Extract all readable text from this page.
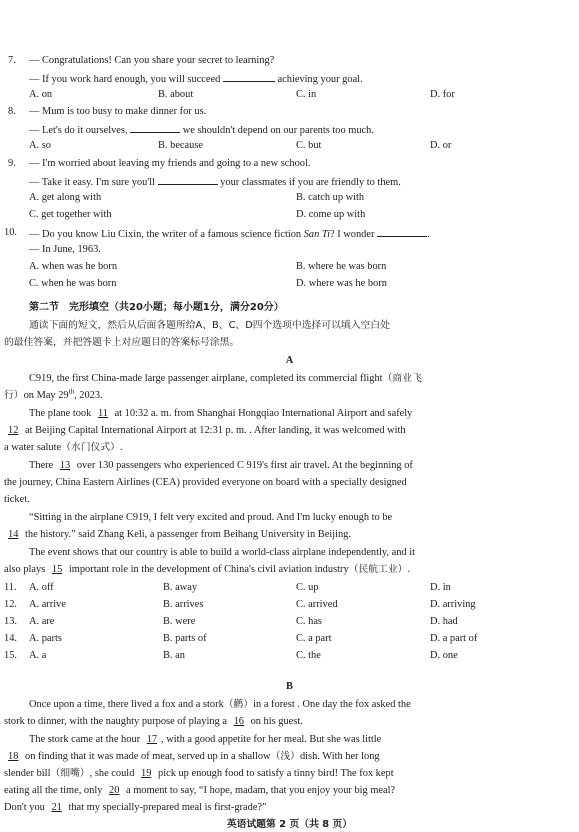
7. — Congratulations! Can you share your secret to learning?
— If you work hard enough, you will succeed	achieving your goal.
A. on	B. about	C. in	D. for
8. — Mum is too busy to make dinner for us.
— Let's do it ourselves,	we shouldn't depend on our parents too much.
A. so	B. because	C. but	D. or
9. — I'm worried about leaving my friends and going to a new school.
— Take it easy. I'm sure you'll	your classmates if you are friendly to them.
A. get along with	B. catch up with
C. get together with	D. come up with
10. — Do you know Liu Cixin, the writer of a famous science fiction San Ti? I wonder	.
— In June, 1963.
A. when was he born	B. where he was born
C. when he was born	D. where was he born
第二节　完形填空（共20小题；每小题1分，满分20分）
通读下面的短文，然后从后面各题所给A、B、C、D四个选项中选择可以填入空白处
的最佳答案，并把答题卡上对应题目的答案标号涂黑。
A
C919, the first China-made large passenger airplane, completed its commercial flight（商业飞
行）on May 29th, 2023.
The plane took 11 at 10:32 a. m. from Shanghai Hongqiao International Airport and safely
12 at Beijing Capital International Airport at 12:31 p. m. . After landing, it was welcomed with
a water salute（水门仪式）.
There 13 over 130 passengers who experienced C 919's first air travel. At the beginning of
the journey, China Eastern Airlines (CEA) provided everyone on board with a specially designed
ticket.
“Sitting in the airplane C919, I felt very excited and proud. And I'm lucky enough to be
14 the history.” said Zhang Keli, a passenger from Beihang University in Beijing.
The event shows that our country is able to build a world-class airplane independently, and it
also plays 15 important role in the development of China's civil aviation industry（民航工业）.
11. A. off	B. away	C. up	D. in
12. A. arrive	B. arrives	C. arrived	D. arriving
13. A. are	B. were	C. has	D. had
14. A. parts	B. parts of	C. a part	D. a part of
15. A. a	B. an	C. the	D. one
B
Once upon a time, there lived a fox and a stork（鹳）in a forest . One day the fox asked the
stork to dinner, with the naughty purpose of playing a 16 on his guest.
The stork came at the hour 17 , with a good appetite for her meal. But she was little
18 on finding that it was made of meat, served up in a shallow（浅）dish. With her long
slender bill（细嘴）, she could 19 pick up enough food to satisfy a tinny bird! The fox kept
eating all the time, only 20 a moment to say, “I hope, madam, that you enjoy your big meal?
Don't you 21 that my specially-prepared meal is first-grade?”
英语试题第 2 页（共 8 页）
